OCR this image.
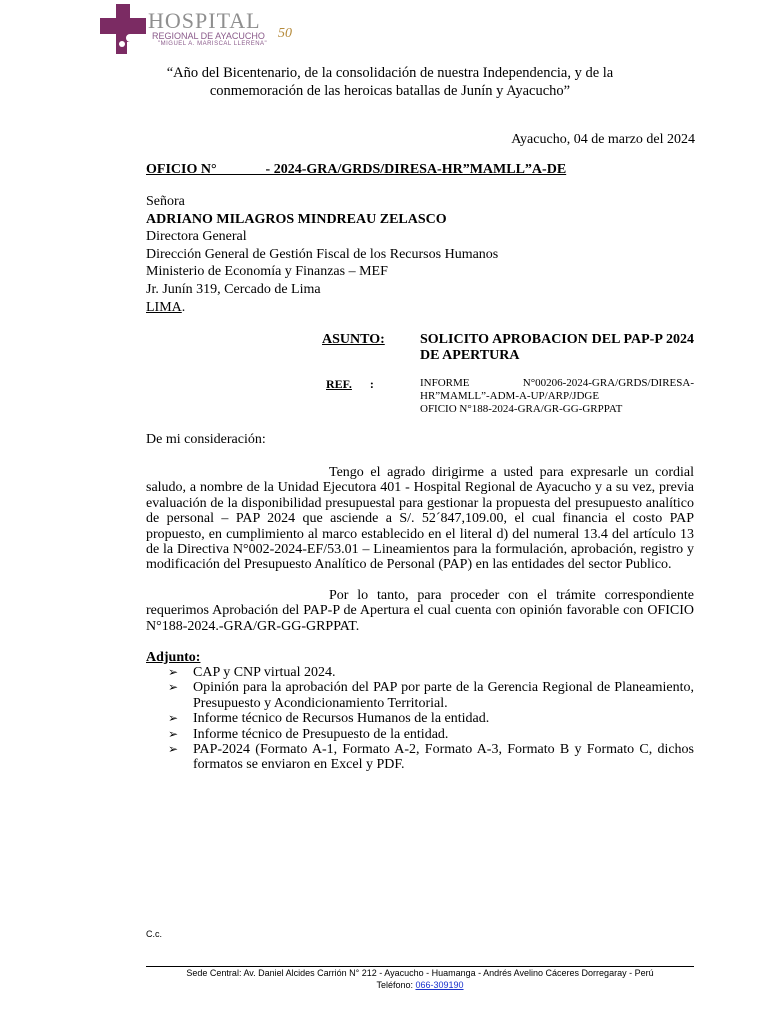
HOSPITAL
REGIONAL DE AYACUCHO
"MIGUEL A. MARISCAL LLERENA"
50
“Año del Bicentenario, de la consolidación de nuestra Independencia, y de la conmemoración de las heroicas batallas de Junín y Ayacucho”
Ayacucho, 04 de marzo del 2024
OFICIO N°              - 2024-GRA/GRDS/DIRESA-HR”MAMLL”A-DE
Señora
ADRIANO MILAGROS MINDREAU ZELASCO
Directora General
Dirección General de Gestión Fiscal de los Recursos Humanos
Ministerio de Economía y Finanzas – MEF
Jr. Junín 319, Cercado de Lima
LIMA.
ASUNTO:	SOLICITO APROBACION DEL PAP-P 2024 DE APERTURA
REF. :	INFORME N°00206-2024-GRA/GRDS/DIRESA-
HR”MAMLL”-ADM-A-UP/ARP/JDGE
OFICIO N°188-2024-GRA/GR-GG-GRPPAT
De mi consideración:
Tengo el agrado dirigirme a usted para expresarle un cordial saludo, a nombre de la Unidad Ejecutora 401 - Hospital Regional de Ayacucho y a su vez, previa evaluación de la disponibilidad presupuestal para gestionar la propuesta del presupuesto analítico de personal – PAP 2024 que asciende a S/. 52´847,109.00, el cual financia el costo PAP propuesto, en cumplimiento al marco establecido en el literal d) del numeral 13.4 del artículo 13 de la Directiva N°002-2024-EF/53.01 – Lineamientos para la formulación, aprobación, registro y modificación del Presupuesto Analítico de Personal (PAP) en las entidades del sector Publico.
Por lo tanto, para proceder con el trámite correspondiente requerimos Aprobación del PAP-P de Apertura el cual cuenta con opinión favorable con OFICIO N°188-2024.-GRA/GR-GG-GRPPAT.
Adjunto:
➢ CAP y CNP virtual 2024.
➢ Opinión para la aprobación del PAP por parte de la Gerencia Regional de Planeamiento, Presupuesto y Acondicionamiento Territorial.
➢ Informe técnico de Recursos Humanos de la entidad.
➢ Informe técnico de Presupuesto de la entidad.
➢ PAP-2024 (Formato A-1, Formato A-2, Formato A-3, Formato B y Formato C, dichos formatos se enviaron en Excel y PDF.
C.c.
Sede Central: Av. Daniel Alcides Carrión N° 212 - Ayacucho - Huamanga - Andrés Avelino Cáceres Dorregaray - Perú
Teléfono: 066-309190
